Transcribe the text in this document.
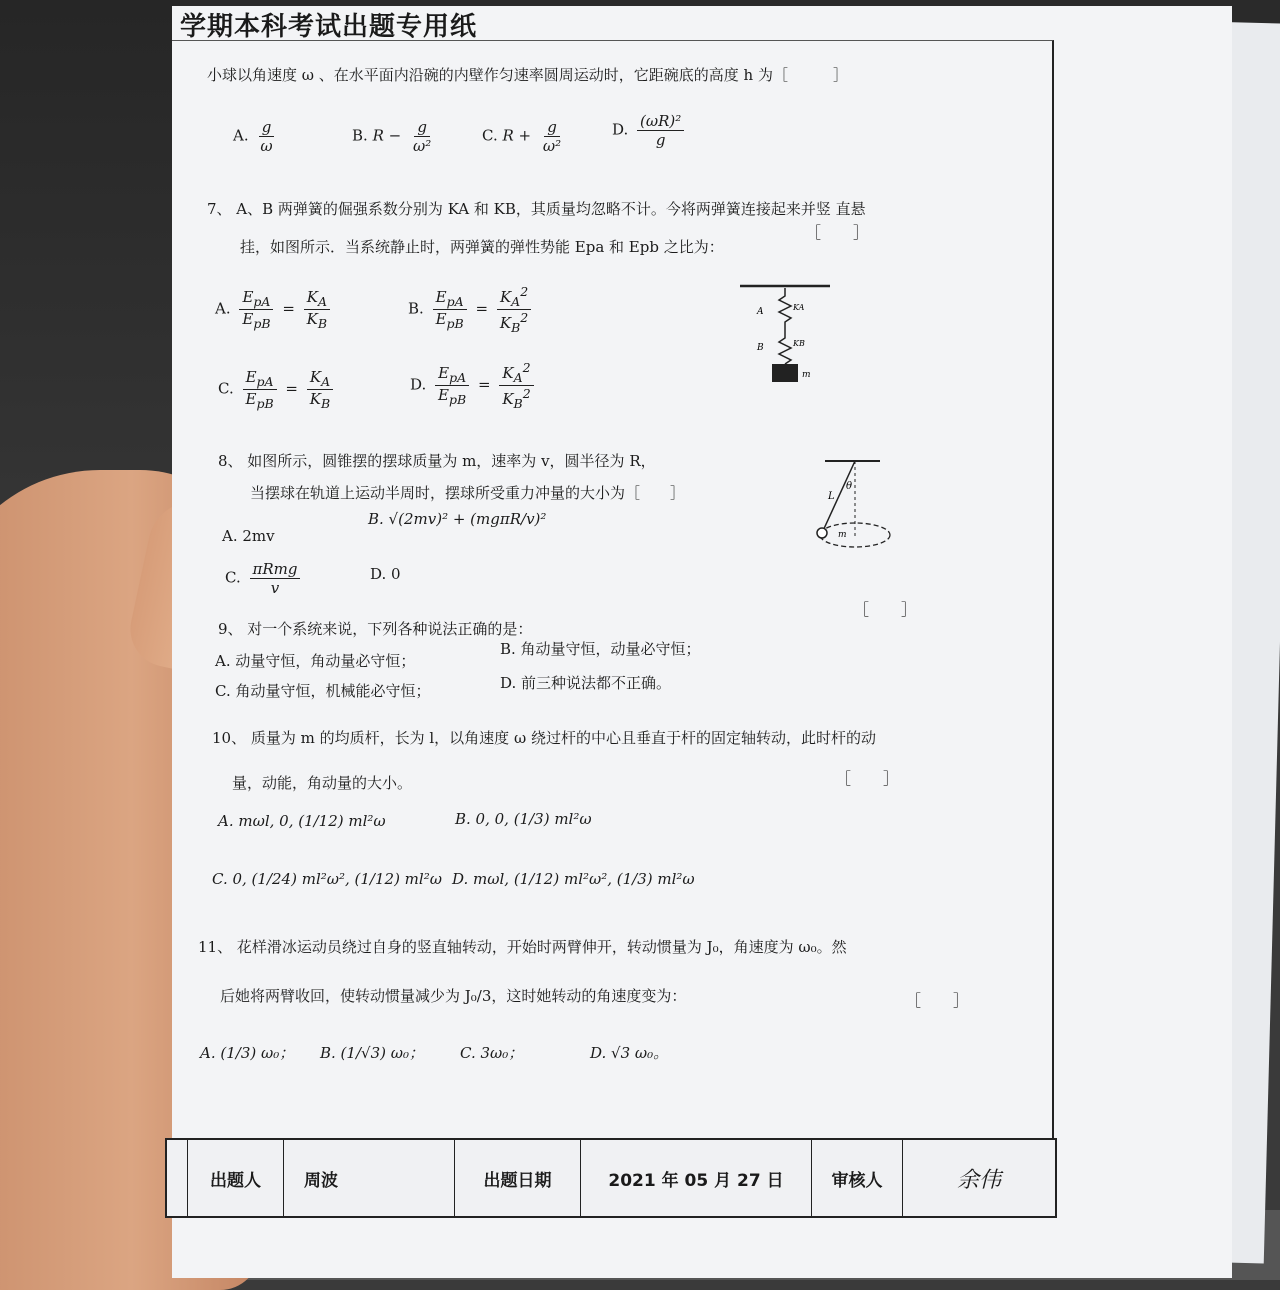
学期本科考试出题专用纸
小球以角速度 ω 、在水平面内沿碗的内壁作匀速率圆周运动时，它距碗底的高度 h 为［　　　］
A. $\frac{g}{\omega}$	B. $R - \frac{g}{\text{ω²}}$	C. $R + \frac{g}{\text{ω²}}$	D. $\frac{\text{(ωR)²}}{g}$
7、 A、B 两弹簧的倔强系数分别为 KA 和 KB，其质量均忽略不计。今将两弹簧连接起来并竖 直悬
挂，如图所示．当系统静止时，两弹簧的弹性势能 Epa 和 Epb 之比为：
［　　］
A. $\frac{E_{pA}}{E_{pB}} = \frac{K_A}{K_B}$	B. $\frac{E_{pA}}{E_{pB}} = \frac{K_A^2}{K_B^2}$
C. $\frac{E_{pA}}{E_{pB}} = \frac{K_A}{K_B}$	D. $\frac{E_{pA}}{E_{pB}} = \frac{K_A^2}{K_B^2}$
A	KA
B	KB
m
8、 如图所示，圆锥摆的摆球质量为 m，速率为 v，圆半径为 R，
当摆球在轨道上运动半周时，摆球所受重力冲量的大小为［　　］
A. 2mv
B. √(2mv)² + (mgπR/v)²
C. $\frac{\text{πRmg}}{v}$	D. 0
L
θ
m
［　　］
9、 对一个系统来说，下列各种说法正确的是：
A. 动量守恒，角动量必守恒；
B. 角动量守恒，动量必守恒；
C. 角动量守恒，机械能必守恒；	D. 前三种说法都不正确。
10、 质量为 m 的均质杆，长为 l，以角速度 ω 绕过杆的中心且垂直于杆的固定轴转动，此时杆的动
量，动能，角动量的大小。	［　　］
A. mωl, 0, (1/12) ml²ω	B. 0, 0, (1/3) ml²ω
C. 0, (1/24) ml²ω², (1/12) ml²ω D. mωl, (1/12) ml²ω², (1/3) ml²ω
11、 花样滑冰运动员绕过自身的竖直轴转动，开始时两臂伸开，转动惯量为 J₀，角速度为 ω₀。然
后她将两臂收回，使转动惯量减少为 J₀/3，这时她转动的角速度变为：	［　　］
A. (1/3) ω₀； B. (1/√3) ω₀； C. 3ω₀；	D. √3 ω₀。
出题人	周波	出题日期	2021 年 05 月 27 日	审核人	余伟
